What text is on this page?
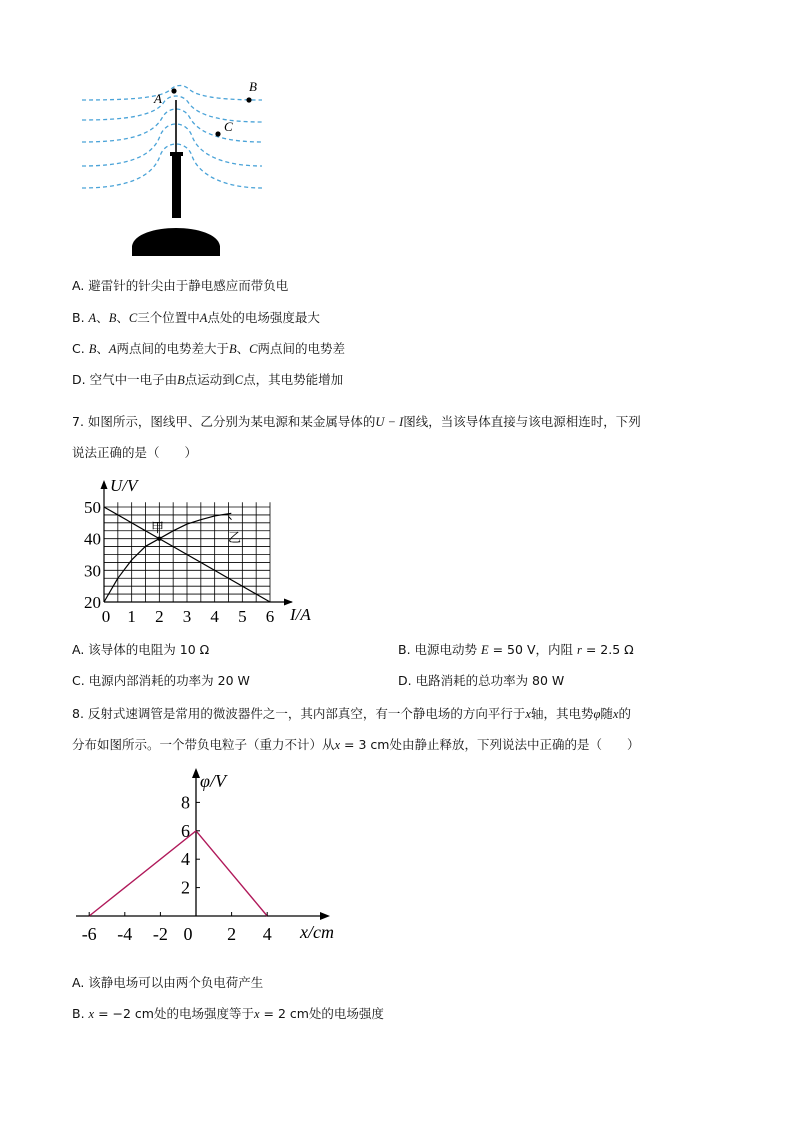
A
B
C
A. 避雷针的针尖由于静电感应而带负电
B. A、B、C三个位置中A点处的电场强度最大
C. B、A两点间的电势差大于B、C两点间的电势差
D. 空气中一电子由B点运动到C点，其电势能增加
7. 如图所示，图线甲、乙分别为某电源和某金属导体的U − I图线，当该导体直接与该电源相连时，下列
说法正确的是（　　）
0 1 2 3 4 5 6
20
30
40
50
U/V
I/A
甲
乙
A. 该导体的电阻为 10 Ω	B. 电源电动势 E = 50 V，内阻 r = 2.5 Ω
C. 电源内部消耗的功率为 20 W	D. 电路消耗的总功率为 80 W
8. 反射式速调管是常用的微波器件之一，其内部真空，有一个静电场的方向平行于x轴，其电势φ随x的
分布如图所示。一个带负电粒子（重力不计）从x = 3 cm处由静止释放，下列说法中正确的是（　　）
-6 -4 -2 0 2 4
2
4
6
8
φ/V
x/cm
A. 该静电场可以由两个负电荷产生
B. x = −2 cm处的电场强度等于x = 2 cm处的电场强度
